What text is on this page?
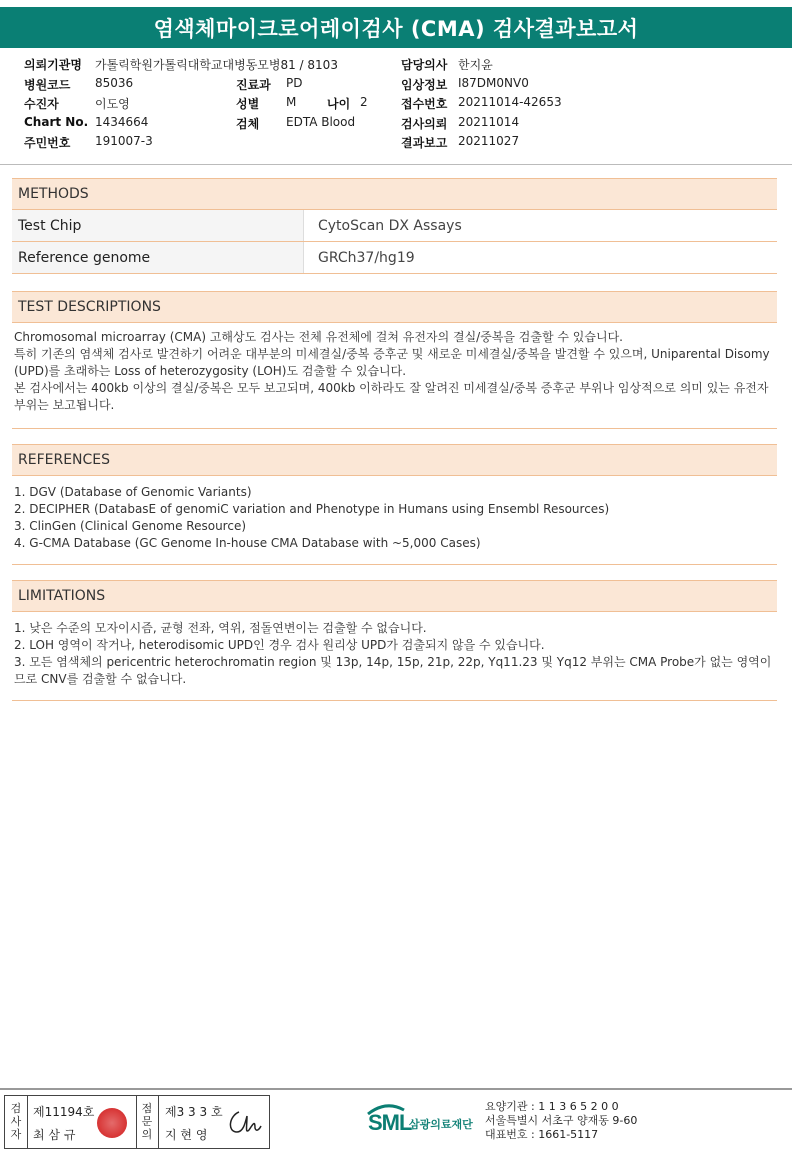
염색체마이크로어레이검사 (CMA) 검사결과보고서
의뢰기관명 가톨릭학원가톨릭대학교대병동모병81 / 8103
병원코드 85036
수진자	이도영
Chart No. 1434664
주민번호 191007-3
진료과 PD
성별 M	나이 2
검체 EDTA Blood
담당의사 한지윤
임상정보 I87DM0NV0
접수번호 20211014-42653
검사의뢰 20211014
결과보고 20211027
METHODS
Test Chip	CytoScan DX Assays
Reference genome	GRCh37/hg19
TEST DESCRIPTIONS

Chromosomal microarray (CMA) 고해상도 검사는 전체 유전체에 걸쳐 유전자의 결실/중복을 검출할 수 있습니다.

특히 기존의 염색체 검사로 발견하기 어려운 대부분의 미세결실/중복 증후군 및 새로운 미세결실/중복을 발견할 수 있으며, Uniparental Disomy (UPD)를 초래하는 Loss of heterozygosity (LOH)도 검출할 수 있습니다.

본 검사에서는 400kb 이상의 결실/중복은 모두 보고되며, 400kb 이하라도 잘 알려진 미세결실/중복 증후군 부위나 임상적으로 의미 있는 유전자 부위는 보고됩니다.

REFERENCES
1. DGV (Database of Genomic Variants)
2. DECIPHER (DatabasE of genomiC variation and Phenotype in Humans using Ensembl Resources)
3. ClinGen (Clinical Genome Resource)
4. G-CMA Database (GC Genome In-house CMA Database with ~5,000 Cases)
LIMITATIONS
1. 낮은 수준의 모자이시즘, 균형 전좌, 역위, 점돌연변이는 검출할 수 없습니다.
2. LOH 영역이 작거나, heterodisomic UPD인 경우 검사 원리상 UPD가 검출되지 않을 수 있습니다.
3. 모든 염색체의 pericentric heterochromatin region 및 13p, 14p, 15p, 21p, 22p, Yq11.23 및 Yq12 부위는 CMA Probe가 없는 영역이므로 CNV를 검출할 수 없습니다.
검사자
제11194호
최 삼 규
점문의
제3 3 3 호
지 현 영	SML
삼광의료재단
요양기관 : 1 1 3 6 5 2 0 0
서울특별시 서초구 양재동 9-60
대표번호 : 1661-5117
